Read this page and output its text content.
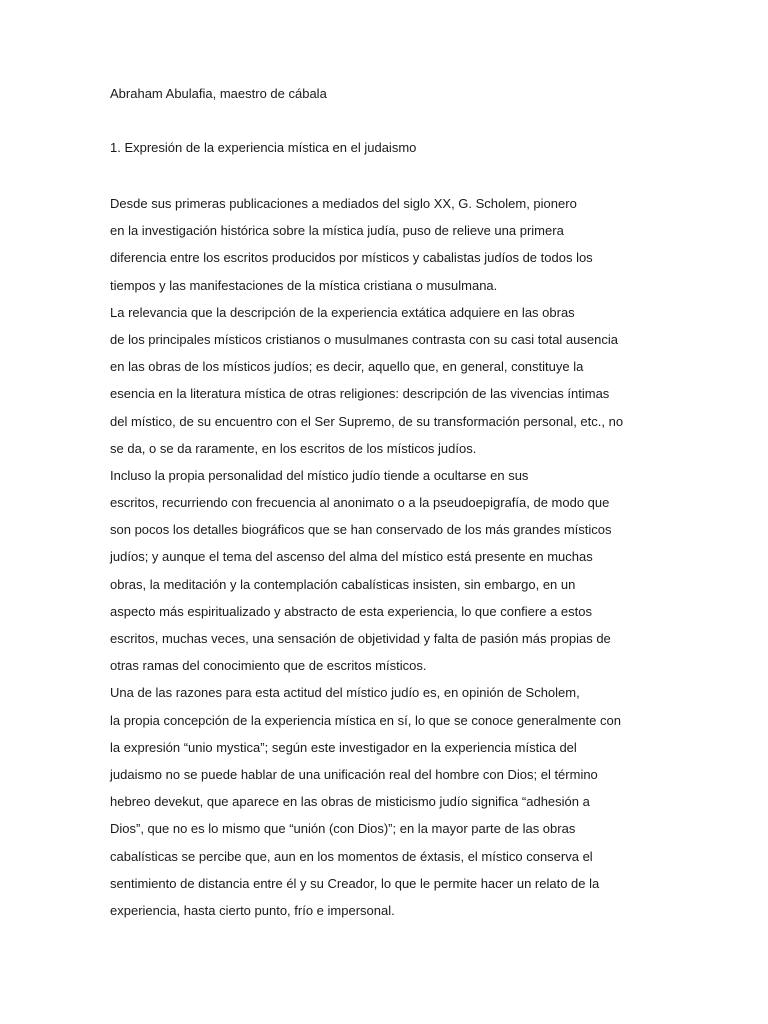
Abraham Abulafia, maestro de cábala
1. Expresión de la experiencia mística en el judaismo
Desde sus primeras publicaciones a mediados del siglo XX, G. Scholem, pionero
en la investigación histórica sobre la mística judía, puso de relieve una primera
diferencia entre los escritos producidos por místicos y cabalistas judíos de todos los
tiempos y las manifestaciones de la mística cristiana o musulmana.
La relevancia que la descripción de la experiencia extática adquiere en las obras
de los principales místicos cristianos o musulmanes contrasta con su casi total ausencia
en las obras de los místicos judíos; es decir, aquello que, en general, constituye la
esencia en la literatura mística de otras religiones: descripción de las vivencias íntimas
del místico, de su encuentro con el Ser Supremo, de su transformación personal, etc., no
se da, o se da raramente, en los escritos de los místicos judíos.
Incluso la propia personalidad del místico judío tiende a ocultarse en sus
escritos, recurriendo con frecuencia al anonimato o a la pseudoepigrafía, de modo que
son pocos los detalles biográficos que se han conservado de los más grandes místicos
judíos; y aunque el tema del ascenso del alma del místico está presente en muchas
obras, la meditación y la contemplación cabalísticas insisten, sin embargo, en un
aspecto más espiritualizado y abstracto de esta experiencia, lo que confiere a estos
escritos, muchas veces, una sensación de objetividad y falta de pasión más propias de
otras ramas del conocimiento que de escritos místicos.
Una de las razones para esta actitud del místico judío es, en opinión de Scholem,
la propia concepción de la experiencia mística en sí, lo que se conoce generalmente con
la expresión “unio mystica”; según este investigador en la experiencia mística del
judaismo no se puede hablar de una unificación real del hombre con Dios; el término
hebreo devekut, que aparece en las obras de misticismo judío significa “adhesión a
Dios”, que no es lo mismo que “unión (con Dios)”; en la mayor parte de las obras
cabalísticas se percibe que, aun en los momentos de éxtasis, el místico conserva el
sentimiento de distancia entre él y su Creador, lo que le permite hacer un relato de la
experiencia, hasta cierto punto, frío e impersonal.
